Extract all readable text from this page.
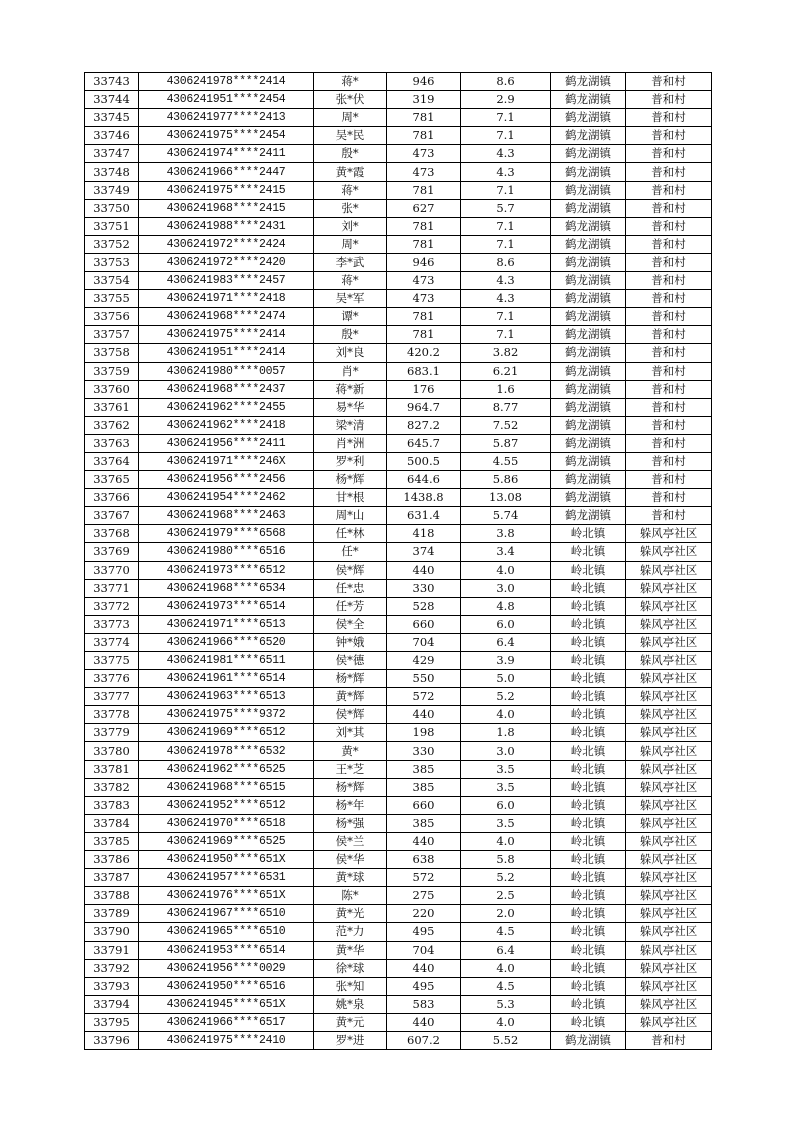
33743	4306241978****2414	蒋*	946	8.6	鹤龙湖镇	普和村
33744	4306241951****2454	张*伏	319	2.9	鹤龙湖镇	普和村
33745	4306241977****2413	周*	781	7.1	鹤龙湖镇	普和村
33746	4306241975****2454	吴*民	781	7.1	鹤龙湖镇	普和村
33747	4306241974****2411	殷*	473	4.3	鹤龙湖镇	普和村
33748	4306241966****2447	黄*霞	473	4.3	鹤龙湖镇	普和村
33749	4306241975****2415	蒋*	781	7.1	鹤龙湖镇	普和村
33750	4306241968****2415	张*	627	5.7	鹤龙湖镇	普和村
33751	4306241988****2431	刘*	781	7.1	鹤龙湖镇	普和村
33752	4306241972****2424	周*	781	7.1	鹤龙湖镇	普和村
33753	4306241972****2420	李*武	946	8.6	鹤龙湖镇	普和村
33754	4306241983****2457	蒋*	473	4.3	鹤龙湖镇	普和村
33755	4306241971****2418	吴*军	473	4.3	鹤龙湖镇	普和村
33756	4306241968****2474	谭*	781	7.1	鹤龙湖镇	普和村
33757	4306241975****2414	殷*	781	7.1	鹤龙湖镇	普和村
33758	4306241951****2414	刘*良	420.2	3.82	鹤龙湖镇	普和村
33759	4306241980****0057	肖*	683.1	6.21	鹤龙湖镇	普和村
33760	4306241968****2437	蒋*新	176	1.6	鹤龙湖镇	普和村
33761	4306241962****2455	易*华	964.7	8.77	鹤龙湖镇	普和村
33762	4306241962****2418	梁*清	827.2	7.52	鹤龙湖镇	普和村
33763	4306241956****2411	肖*洲	645.7	5.87	鹤龙湖镇	普和村
33764	4306241971****246X	罗*利	500.5	4.55	鹤龙湖镇	普和村
33765	4306241956****2456	杨*辉	644.6	5.86	鹤龙湖镇	普和村
33766	4306241954****2462	甘*根	1438.8	13.08	鹤龙湖镇	普和村
33767	4306241968****2463	周*山	631.4	5.74	鹤龙湖镇	普和村
33768	4306241979****6568	任*林	418	3.8	岭北镇	躲风亭社区
33769	4306241980****6516	任*	374	3.4	岭北镇	躲风亭社区
33770	4306241973****6512	侯*辉	440	4.0	岭北镇	躲风亭社区
33771	4306241968****6534	任*忠	330	3.0	岭北镇	躲风亭社区
33772	4306241973****6514	任*芳	528	4.8	岭北镇	躲风亭社区
33773	4306241971****6513	侯*全	660	6.0	岭北镇	躲风亭社区
33774	4306241966****6520	钟*娥	704	6.4	岭北镇	躲风亭社区
33775	4306241981****6511	侯*德	429	3.9	岭北镇	躲风亭社区
33776	4306241961****6514	杨*辉	550	5.0	岭北镇	躲风亭社区
33777	4306241963****6513	黄*辉	572	5.2	岭北镇	躲风亭社区
33778	4306241975****9372	侯*辉	440	4.0	岭北镇	躲风亭社区
33779	4306241969****6512	刘*其	198	1.8	岭北镇	躲风亭社区
33780	4306241978****6532	黄*	330	3.0	岭北镇	躲风亭社区
33781	4306241962****6525	王*芝	385	3.5	岭北镇	躲风亭社区
33782	4306241968****6515	杨*辉	385	3.5	岭北镇	躲风亭社区
33783	4306241952****6512	杨*年	660	6.0	岭北镇	躲风亭社区
33784	4306241970****6518	杨*强	385	3.5	岭北镇	躲风亭社区
33785	4306241969****6525	侯*兰	440	4.0	岭北镇	躲风亭社区
33786	4306241950****651X	侯*华	638	5.8	岭北镇	躲风亭社区
33787	4306241957****6531	黄*球	572	5.2	岭北镇	躲风亭社区
33788	4306241976****651X	陈*	275	2.5	岭北镇	躲风亭社区
33789	4306241967****6510	黄*光	220	2.0	岭北镇	躲风亭社区
33790	4306241965****6510	范*力	495	4.5	岭北镇	躲风亭社区
33791	4306241953****6514	黄*华	704	6.4	岭北镇	躲风亭社区
33792	4306241956****0029	徐*球	440	4.0	岭北镇	躲风亭社区
33793	4306241950****6516	张*知	495	4.5	岭北镇	躲风亭社区
33794	4306241945****651X	姚*泉	583	5.3	岭北镇	躲风亭社区
33795	4306241966****6517	黄*元	440	4.0	岭北镇	躲风亭社区
33796	4306241975****2410	罗*进	607.2	5.52	鹤龙湖镇	普和村
